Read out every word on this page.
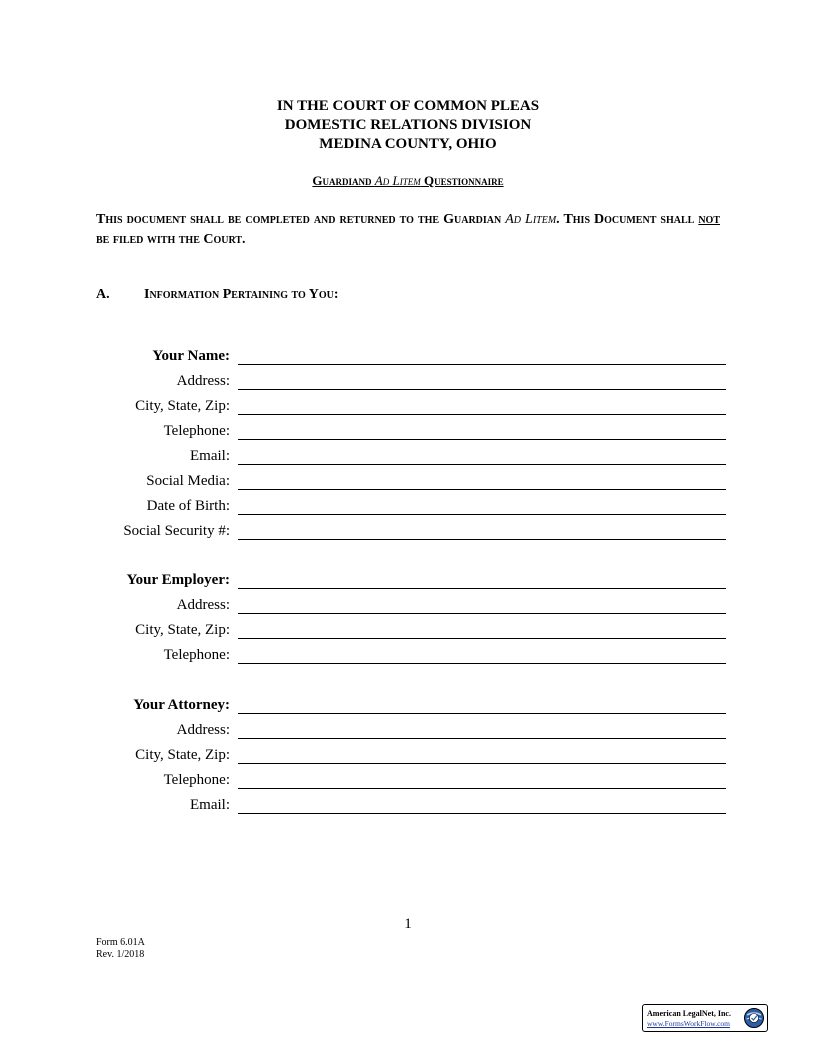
IN THE COURT OF COMMON PLEAS
DOMESTIC RELATIONS DIVISION
MEDINA COUNTY, OHIO
Guardiand Ad Litem Questionnaire
This document shall be completed and returned to the Guardian Ad Litem. This Document shall not be filed with the Court.
A. Information Pertaining to You:
Your Name:
Address:
City, State, Zip:
Telephone:
Email:
Social Media:
Date of Birth:
Social Security #:
Your Employer:
Address:
City, State, Zip:
Telephone:
Your Attorney:
Address:
City, State, Zip:
Telephone:
Email:
1
Form 6.01A
Rev. 1/2018
American LegalNet, Inc.
www.FormsWorkFlow.com
